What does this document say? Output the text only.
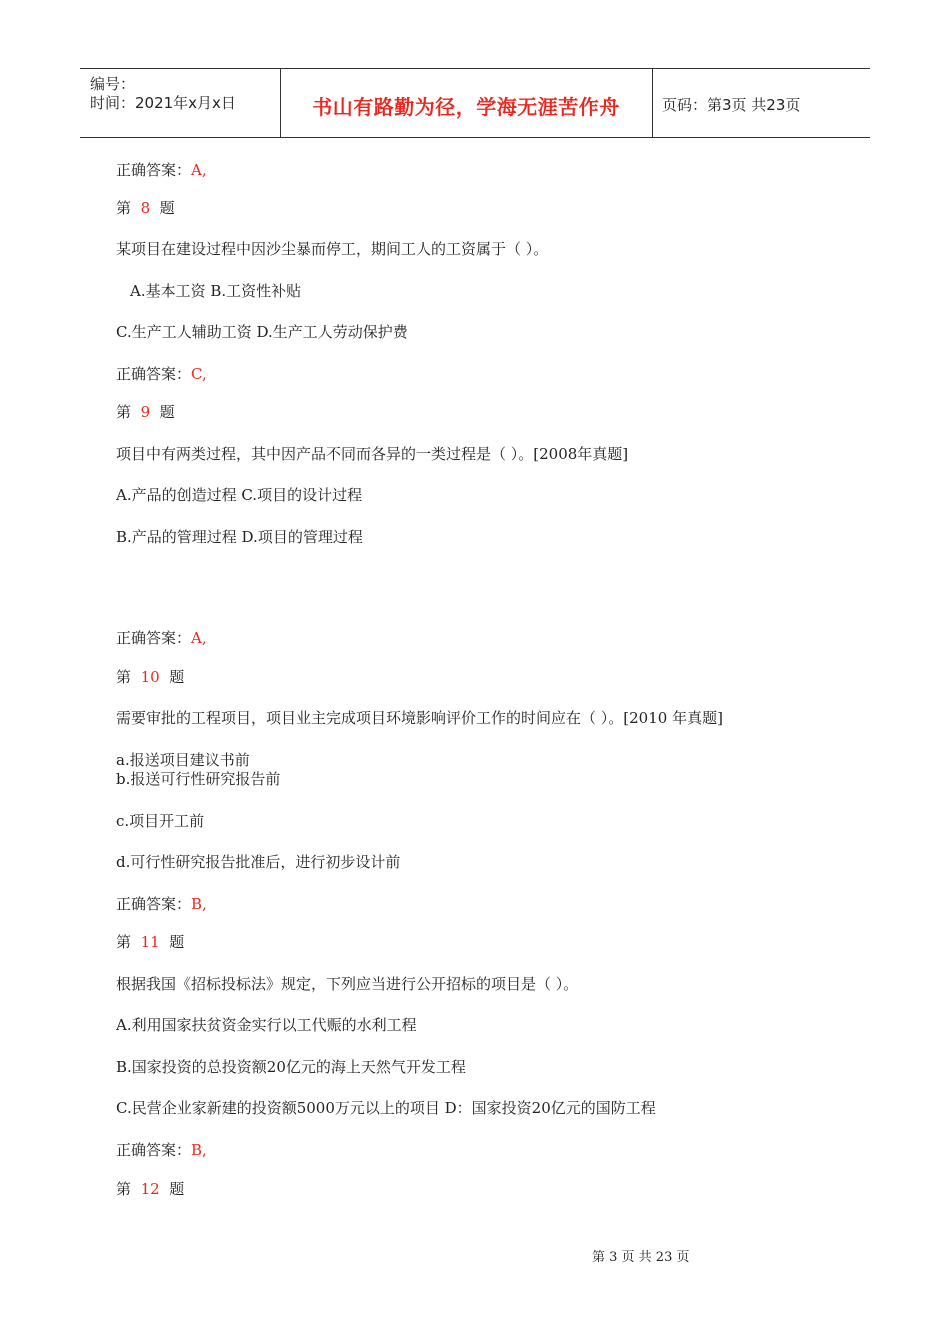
编号：
时间：2021年x月x日	书山有路勤为径，学海无涯苦作舟	页码：第3页 共23页
正确答案：A,
第 8 题
某项目在建设过程中因沙尘暴而停工，期间工人的工资属于（ ）。
A.基本工资 B.工资性补贴
C.生产工人辅助工资 D.生产工人劳动保护费
正确答案：C,
第 9 题
项目中有两类过程，其中因产品不同而各异的一类过程是（ ）。[2008年真题]
A.产品的创造过程 C.项目的设计过程
B.产品的管理过程 D.项目的管理过程
正确答案：A,
第 10 题
需要审批的工程项目，项目业主完成项目环境影响评价工作的时间应在（ ）。[2010 年真题]
a.报送项目建议书前
b.报送可行性研究报告前
c.项目开工前
d.可行性研究报告批准后，进行初步设计前
正确答案：B,
第 11 题
根据我国《招标投标法》规定，下列应当进行公开招标的项目是（ ）。
A.利用国家扶贫资金实行以工代赈的水利工程
B.国家投资的总投资额20亿元的海上天然气开发工程
C.民营企业家新建的投资额5000万元以上的项目 D：国家投资20亿元的国防工程
正确答案：B,
第 12 题
第 3 页 共 23 页
